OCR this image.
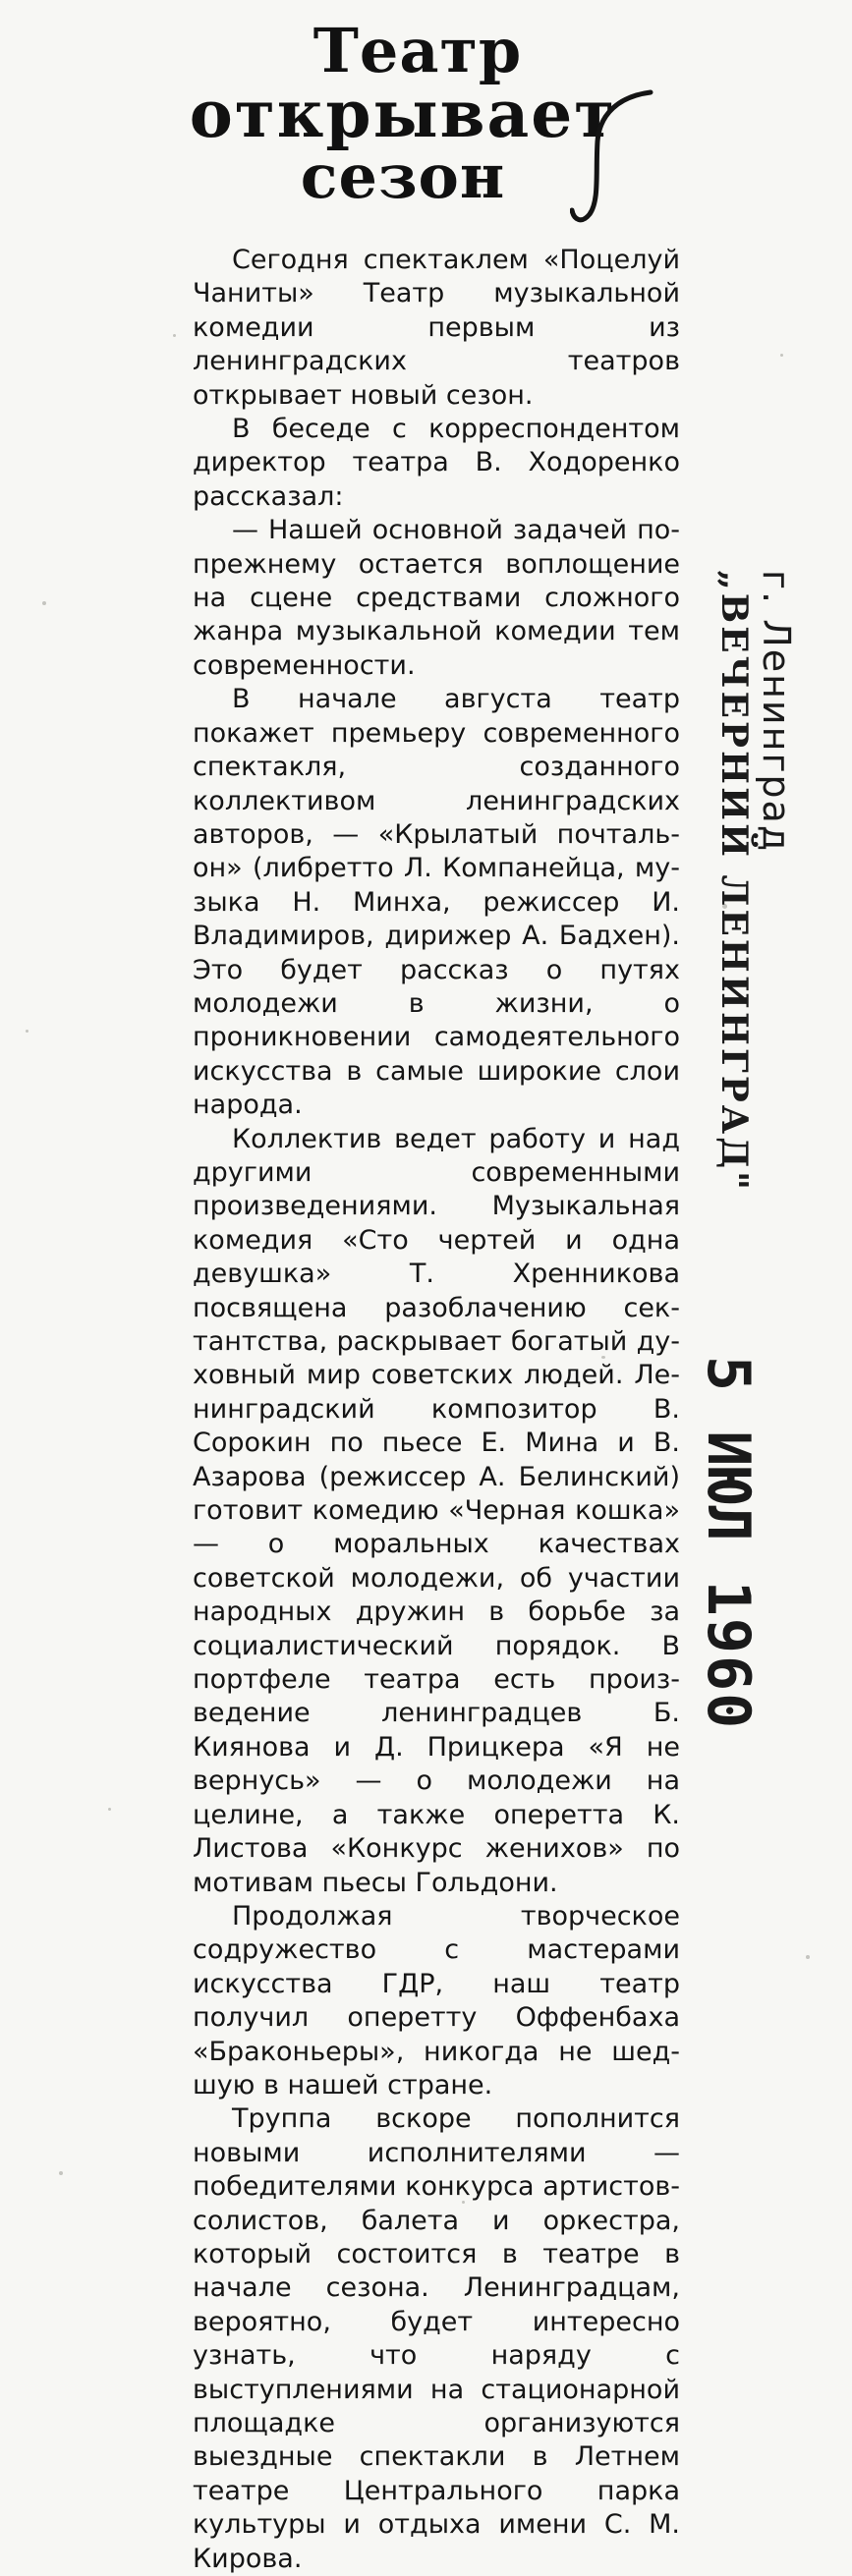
Театр
открывает
сезон

Сегодня спектаклем «Поцелуй Чаниты» Театр музыкальной комедии первым из ленинградских театров открывает новый сезон.

В беседе с корреспондентом директор театра В. Ходоренко рассказал:

— Нашей основной задачей по-прежнему остается воплощение на сцене средствами сложного жанра музыкальной комедии тем современности.

В начале августа театр покажет премьеру современного спектакля, созданного коллективом ленинградских авторов, — «Крылатый почтальон» (либретто Л. Компанейца, музыка Н. Минха, режиссер И. Владимиров, дирижер А. Бадхен). Это будет рассказ о путях молодежи в жизни, о проникновении самодеятельного искусства в самые широкие слои народа.

Коллектив ведет работу и над другими современными произведениями. Музыкальная комедия «Сто чертей и одна девушка» Т. Хренникова посвящена разоблачению сектантства, раскрывает богатый духовный мир советских людей. Ленинградский композитор В. Сорокин по пьесе Е. Мина и В. Азарова (режиссер А. Белинский) готовит комедию «Черная кошка» — о моральных качествах советской молодежи, об участии народных дружин в борьбе за социалистический порядок. В портфеле театра есть произведение ленинградцев Б. Киянова и Д. Прицкера «Я не вернусь» — о молодежи на целине, а также оперетта К. Листова «Конкурс женихов» по мотивам пьесы Гольдони.

Продолжая творческое содружество с мастерами искусства ГДР, наш театр получил оперетту Оффенбаха «Браконьеры», никогда не шедшую в нашей стране.

Труппа вскоре пополнится новыми исполнителями — победителями конкурса артистов-солистов, балета и оркестра, который состоится в театре в начале сезона. Ленинградцам, вероятно, будет интересно узнать, что наряду с выступлениями на стационарной площадке организуются выездные спектакли в Летнем театре Центрального парка культуры и отдыха имени С. М. Кирова.

„ВЕЧЕРНИЙ ЛЕНИНГРАД" г. Ленинград
5 ИЮЛ 1960
